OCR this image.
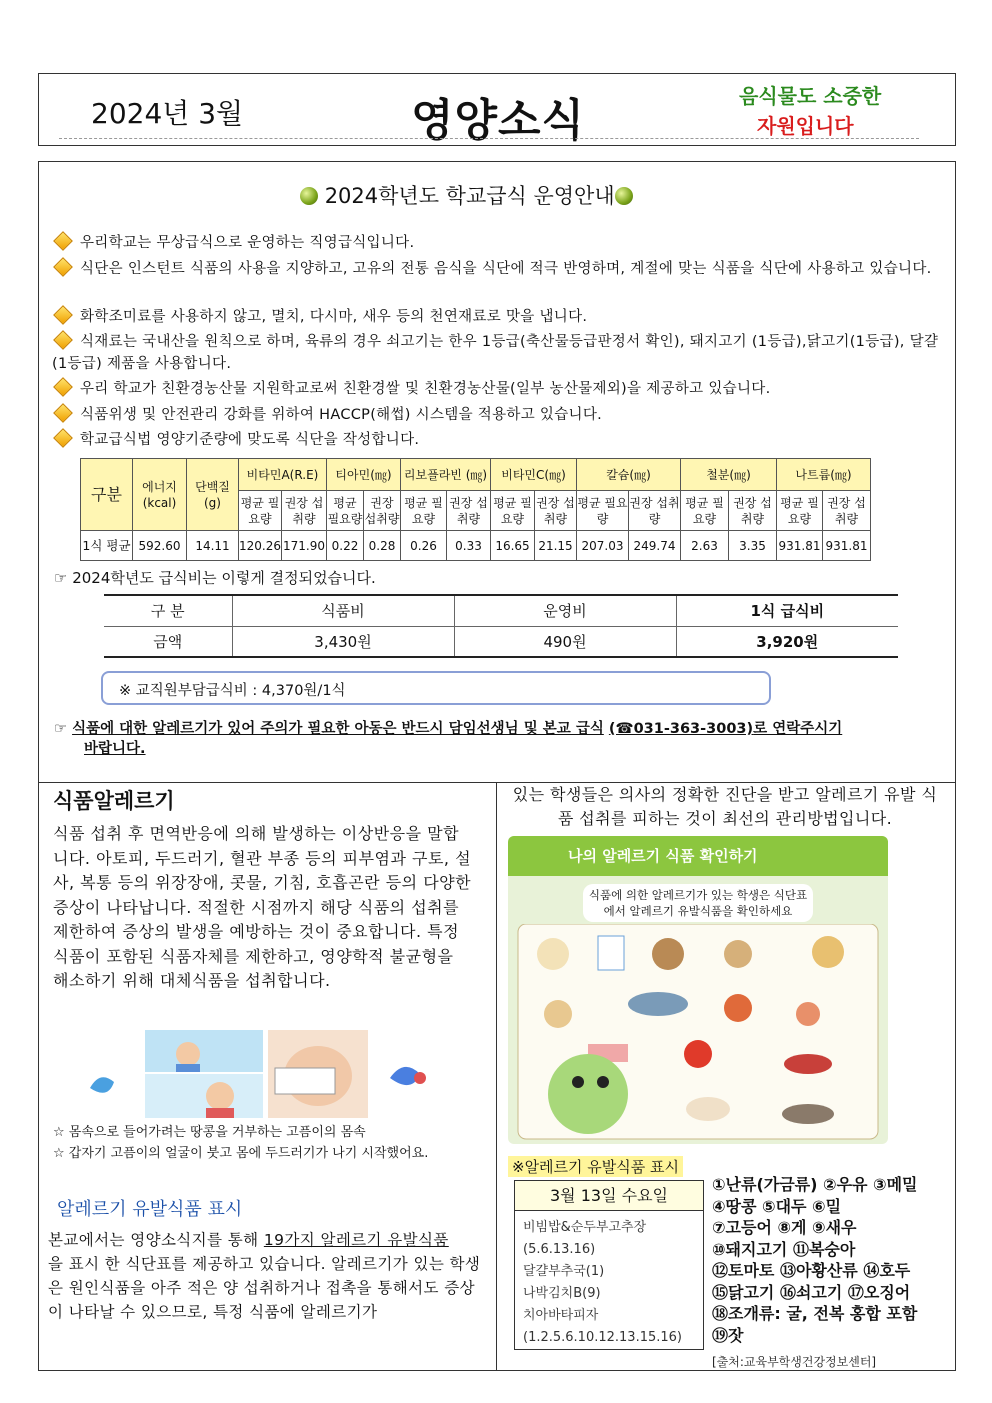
2024년 3월	영양소식	음식물도 소중한
자원입니다
2024학년도 학교급식 운영안내
우리학교는 무상급식으로 운영하는 직영급식입니다.
식단은 인스턴트 식품의 사용을 지양하고, 고유의 전통 음식을 식단에 적극 반영하며, 계절에 맞는 식품을 식단에 사용하고 있습니다.
화학조미료를 사용하지 않고, 멸치, 다시마, 새우 등의 천연재료로 맛을 냅니다.
식재료는 국내산을 원칙으로 하며, 육류의 경우 쇠고기는 한우 1등급(축산물등급판정서 확인), 돼지고기 (1등급),닭고기(1등급), 달걀(1등급) 제품을 사용합니다.
우리 학교가 친환경농산물 지원학교로써 친환경쌀 및 친환경농산물(일부 농산물제외)을 제공하고 있습니다.
식품위생 및 안전관리 강화를 위하여 HACCP(해썹) 시스템을 적용하고 있습니다.
학교급식법 영양기준량에 맞도록 식단을 작성합니다.
구분	에너지 (kcal)	단백질 (g)	비타민A(R.E)		티아민(㎎)		리보플라빈 (㎎)		비타민C(㎎)		칼슘(㎎)		철분(㎎)		나트륨(㎎)	
			평균 필요량	권장 섭취량	평균 필요량	권장 섭취량	평균 필요량	권장 섭취량	평균 필요량	권장 섭취량	평균 필요량	권장 섭취량	평균 필요량	권장 섭취량	평균 필요량	권장 섭취량
1식 평균	592.60	14.11	120.26	171.90	0.22	0.28	0.26	0.33	16.65	21.15	207.03	249.74	2.63	3.35	931.81	931.81
☞ 2024학년도 급식비는 이렇게 결정되었습니다.
구 분	식품비	운영비	1식 급식비
금액	3,430원	490원	3,920원
※ 교직원부담급식비 : 4,370원/1식
☞ 식품에 대한 알레르기가 있어 주의가 필요한 아동은 반드시 담임선생님 및 본교 급식 (☎031-363-3003)로 연락주시기
바랍니다.
식품알레르기
식품 섭취 후 면역반응에 의해 발생하는 이상반응을 말합니다. 아토피, 두드러기, 혈관 부종 등의 피부염과 구토, 설사, 복통 등의 위장장애, 콧물, 기침, 호흡곤란 등의 다양한 증상이 나타납니다. 적절한 시점까지 해당 식품의 섭취를 제한하여 증상의 발생을 예방하는 것이 중요합니다. 특정 식품이 포함된 식품자체를 제한하고, 영양학적 불균형을 해소하기 위해 대체식품을 섭취합니다.
☆ 몸속으로 들어가려는 땅콩을 거부하는 고픔이의 몸속
☆ 갑자기 고픔이의 얼굴이 붓고 몸에 두드러기가 나기 시작했어요.
알레르기 유발식품 표시
본교에서는 영양소식지를 통해 19가지 알레르기 유발식품
을 표시 한 식단표를 제공하고 있습니다. 알레르기가 있는 학생은 원인식품을 아주 적은 양 섭취하거나 접촉을 통해서도 증상이 나타날 수 있으므로, 특정 식품에 알레르기가
있는 학생들은 의사의 정확한 진단을 받고 알레르기 유발 식품 섭취를 피하는 것이 최선의 관리방법입니다.
나의 알레르기 식품 확인하기
식품에 의한 알레르기가 있는 학생은 식단표에서 알레르기 유발식품을 확인하세요
※알레르기 유발식품 표시
3월 13일 수요일
비빔밥&순두부고추장(5.6.13.16)
달걀부추국(1)
나박김치B(9)
치아바타피자(1.2.5.6.10.12.13.15.16)
①난류(가금류) ②우유 ③메밀
④땅콩 ⑤대두 ⑥밀
⑦고등어 ⑧게 ⑨새우
⑩돼지고기 ⑪복숭아
⑫토마토 ⑬아황산류 ⑭호두
⑮닭고기 ⑯쇠고기 ⑰오징어
⑱조개류: 굴, 전복 홍합 포함
⑲잣
[출처:교육부학생건강정보센터]
